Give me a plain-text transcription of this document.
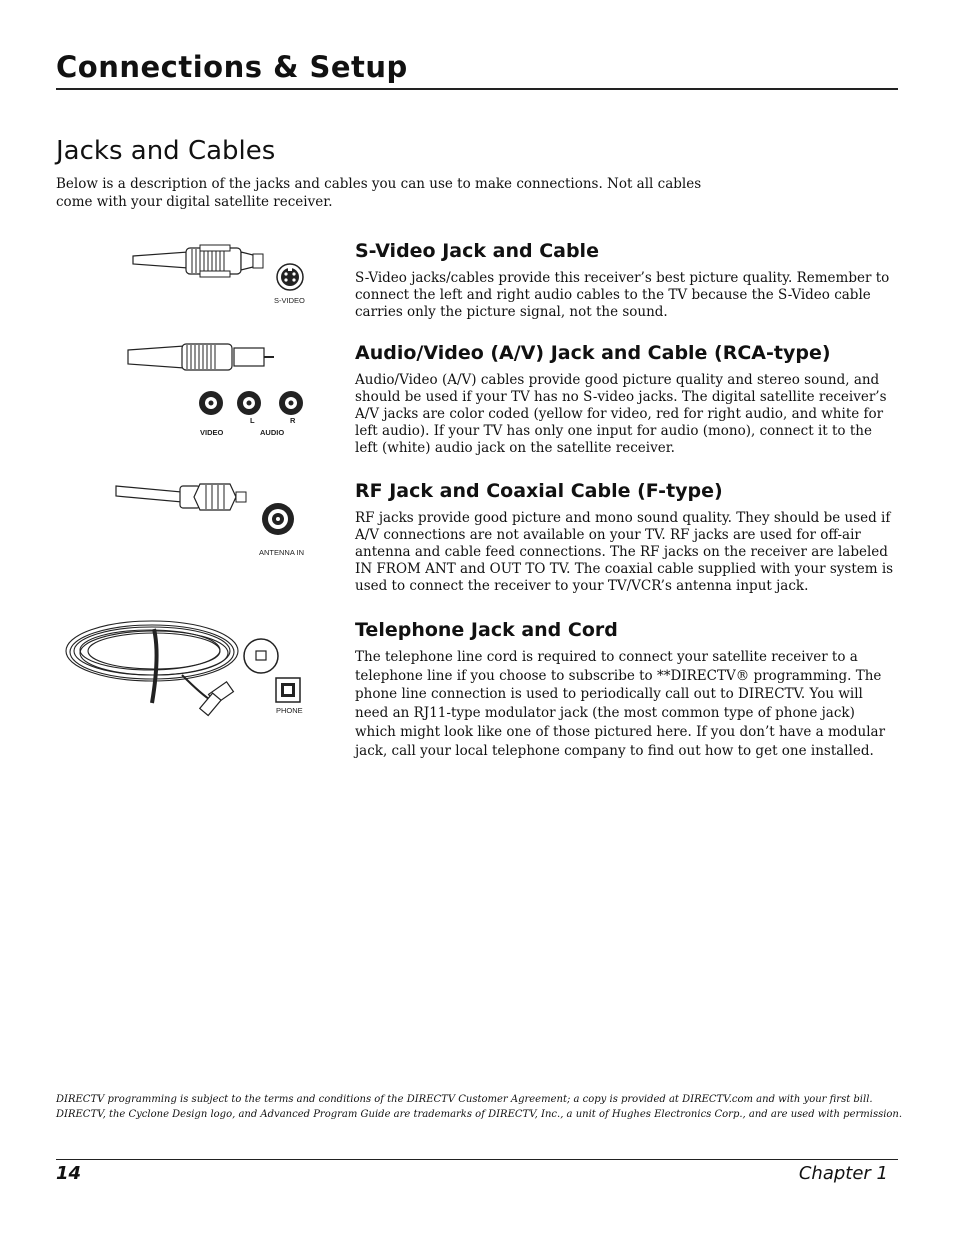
Connections & Setup
Jacks and Cables
Below is a description of the jacks and cables you can use to make connections. Not all cables come with your digital satellite receiver.
S-VIDEO
S-Video Jack and Cable
S-Video jacks/cables provide this receiver’s best picture quality. Remember to connect the left and right audio cables to the TV because the S-Video cable carries only the picture signal, not the sound.
L	R
VIDEO	AUDIO
Audio/Video (A/V) Jack and Cable (RCA-type)
Audio/Video (A/V) cables provide good picture quality and stereo sound, and should be used if your TV has no S-video jacks. The digital satellite receiver’s A/V jacks are color coded (yellow for video, red for right audio, and white for left audio). If your TV has only one input for audio (mono), connect it to the left (white) audio jack on the satellite receiver.
ANTENNA IN
RF Jack and Coaxial Cable (F-type)
RF jacks provide good picture and mono sound quality. They should be used if A/V connections are not available on your TV. RF jacks are used for off-air antenna and cable feed connections. The RF jacks on the receiver are labeled IN FROM ANT and OUT TO TV. The coaxial cable supplied with your system is used to connect the receiver to your TV/VCR’s antenna input jack.
PHONE
Telephone Jack and Cord
The telephone line cord is required to connect your satellite receiver to a telephone line if you choose to subscribe to **DIRECTV® programming. The phone line connection is used to periodically call out to DIRECTV. You will need an RJ11-type modulator jack (the most common type of phone jack) which might look like one of those pictured here. If you don’t have a modular jack, call your local telephone company to find out how to get one installed.
DIRECTV programming is subject to the terms and conditions of the DIRECTV Customer Agreement; a copy is provided at DIRECTV.com and with your first bill.
DIRECTV, the Cyclone Design logo, and Advanced Program Guide are trademarks of DIRECTV, Inc., a unit of Hughes Electronics Corp., and are used with permission.
14	Chapter 1
